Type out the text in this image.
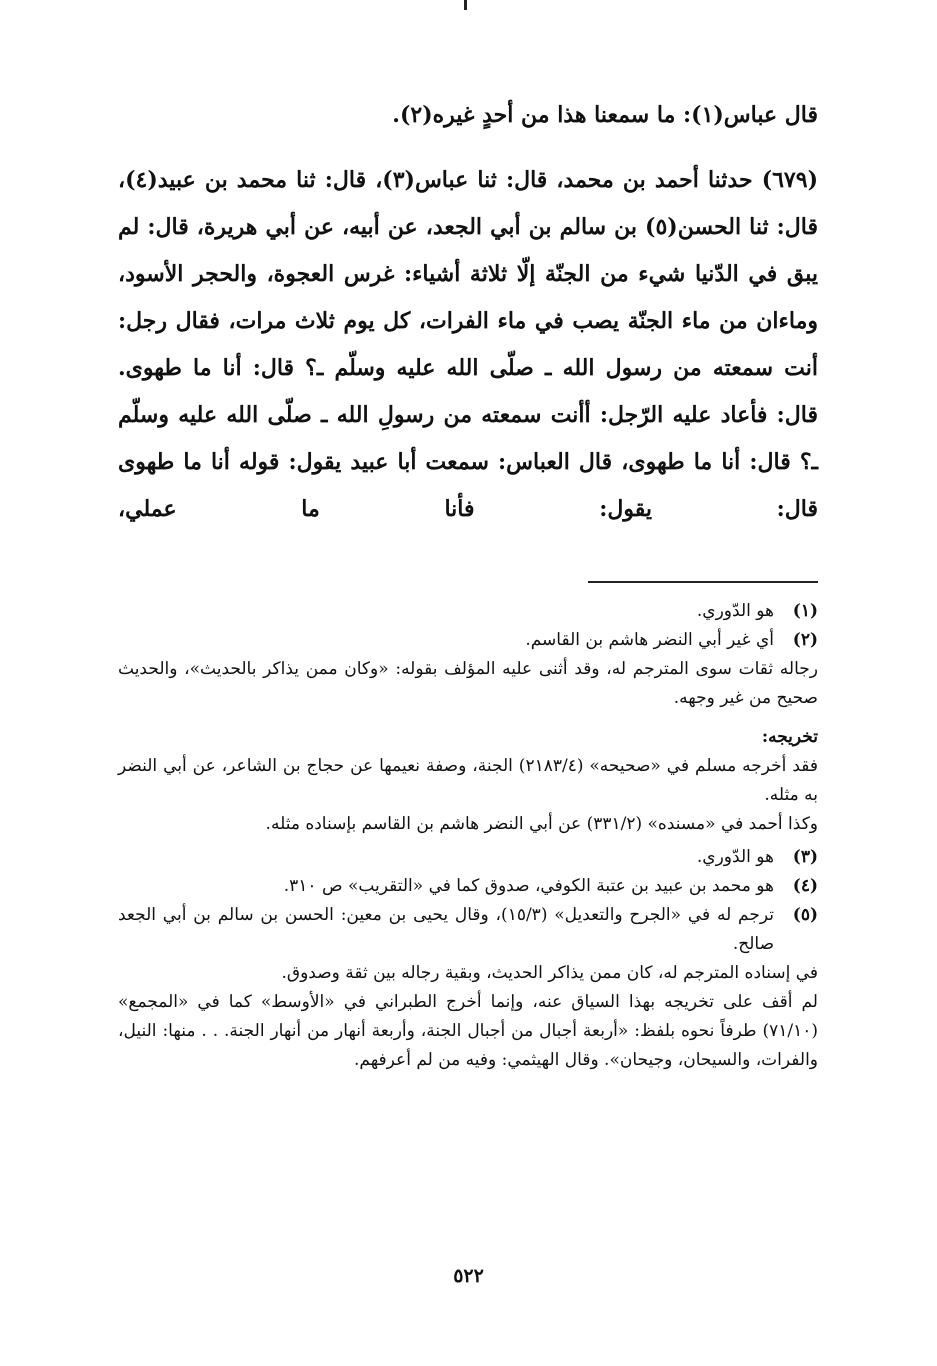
قال عباس(١): ما سمعنا هذا من أحدٍ غيره(٢).

(٦٧٩) حدثنا أحمد بن محمد، قال: ثنا عباس(٣)، قال: ثنا محمد بن عبيد(٤)، قال: ثنا الحسن(٥) بن سالم بن أبي الجعد، عن أبيه، عن أبي هريرة، قال: لم يبق في الدّنيا شيء من الجنّة إلّا ثلاثة أشياء: غرس العجوة، والحجر الأسود، وماءان من ماء الجنّة يصب في ماء الفرات، كل يوم ثلاث مرات، فقال رجل: أنت سمعته من رسول الله ـ صلّى الله عليه وسلّم ـ؟ قال: أنا ما طهوى. قال: فأعاد عليه الرّجل: أأنت سمعته من رسولِ الله ـ صلّى الله عليه وسلّم ـ؟ قال: أنا ما طهوى، قال العباس: سمعت أبا عبيد يقول: قوله أنا ما طهوى قال: يقول: فأنا ما عملي،

(١)
هو الدّوري.
(٢)
أي غير أبي النضر هاشم بن القاسم.

رجاله ثقات سوى المترجم له، وقد أثنى عليه المؤلف بقوله: «وكان ممن يذاكر بالحديث»، والحديث صحيح من غير وجهه.

تخريجه:

فقد أخرجه مسلم في «صحيحه» (٢١٨٣/٤) الجنة، وصفة نعيمها عن حجاج بن الشاعر، عن أبي النضر به مثله.

وكذا أحمد في «مسنده» (٣٣١/٢) عن أبي النضر هاشم بن القاسم بإسناده مثله.

(٣)
هو الدّوري.
(٤)
هو محمد بن عبيد بن عتبة الكوفي، صدوق كما في «التقريب» ص ٣١٠.
(٥)
ترجم له في «الجرح والتعديل» (١٥/٣)، وقال يحيى بن معين: الحسن بن سالم بن أبي الجعد صالح.

في إسناده المترجم له، كان ممن يذاكر الحديث، وبقية رجاله بين ثقة وصدوق.

لم أقف على تخريجه بهذا السياق عنه، وإنما أخرج الطبراني في «الأوسط» كما في «المجمع» (٧١/١٠) طرفاً نحوه بلفظ: «أربعة أجبال من أجبال الجنة، وأربعة أنهار من أنهار الجنة. . . منها: النيل، والفرات، والسيحان، وجيحان». وقال الهيثمي: وفيه من لم أعرفهم.

٥٢٢
